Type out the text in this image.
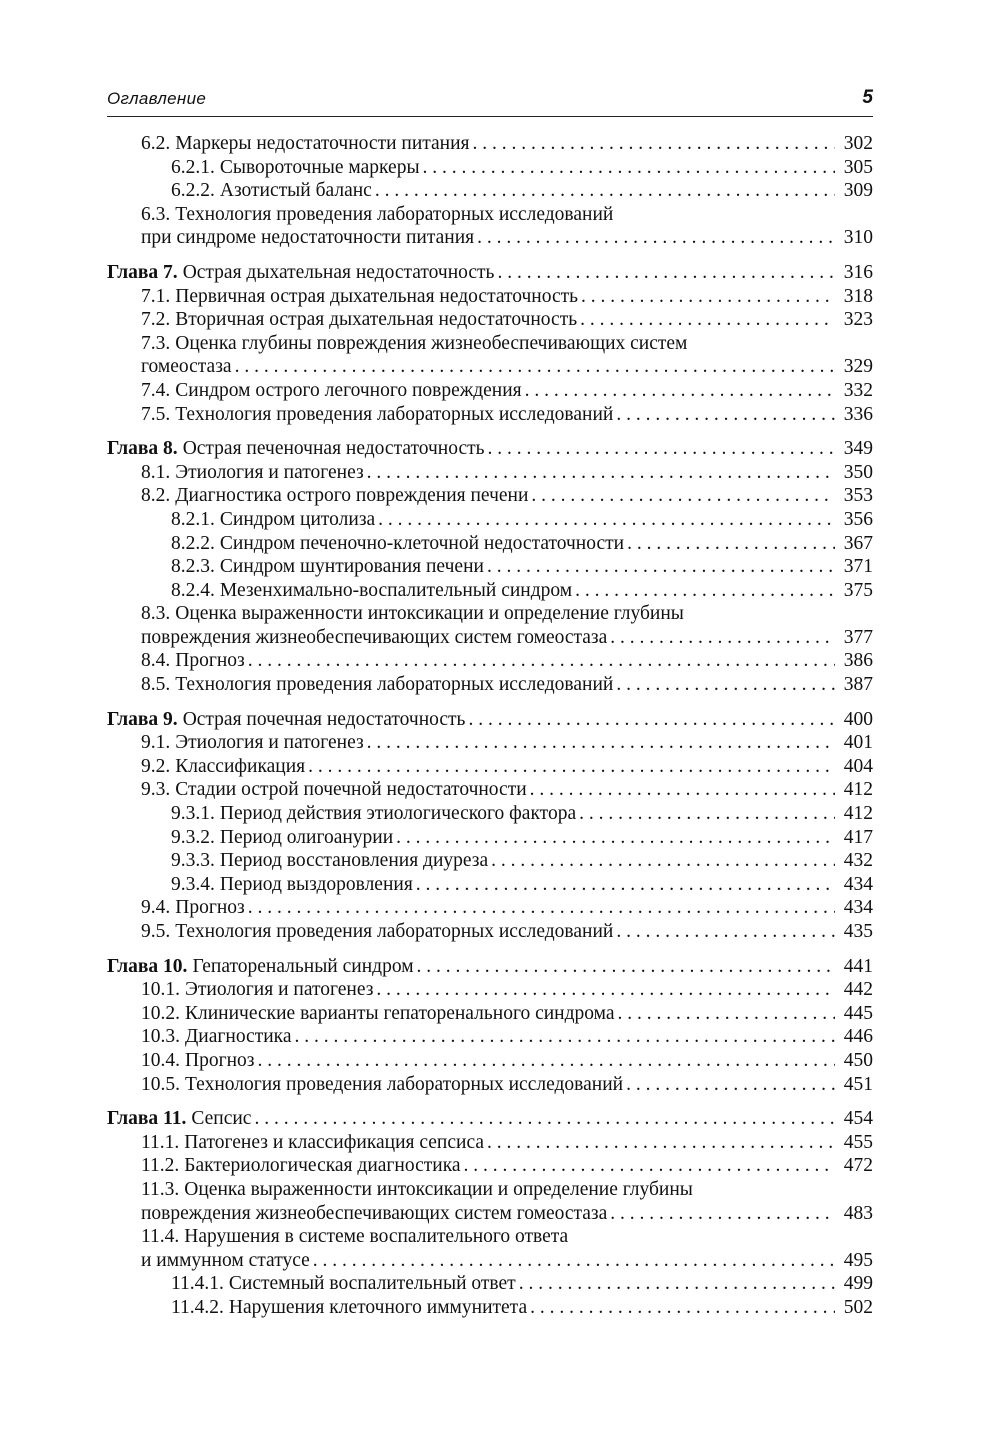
Оглавление	5
6.2. Маркеры недостаточности питания . . .	302
6.2.1. Сывороточные маркеры . . .	305
6.2.2. Азотистый баланс . . .	309
6.3. Технология проведения лабораторных исследований
при синдроме недостаточности питания . . .	310
Глава 7. Острая дыхательная недостаточность . . .	316
7.1. Первичная острая дыхательная недостаточность . . .	318
7.2. Вторичная острая дыхательная недостаточность . . .	323
7.3. Оценка глубины повреждения жизнеобеспечивающих систем
гомеостаза . . .	329
7.4. Синдром острого легочного повреждения . . .	332
7.5. Технология проведения лабораторных исследований . . .	336
Глава 8. Острая печеночная недостаточность . . .	349
8.1. Этиология и патогенез . . .	350
8.2. Диагностика острого повреждения печени . . .	353
8.2.1. Синдром цитолиза . . .	356
8.2.2. Синдром печеночно-клеточной недостаточности . . .	367
8.2.3. Синдром шунтирования печени . . .	371
8.2.4. Мезенхимально-воспалительный синдром . . .	375
8.3. Оценка выраженности интоксикации и определение глубины
повреждения жизнеобеспечивающих систем гомеостаза . . .	377
8.4. Прогноз . . .	386
8.5. Технология проведения лабораторных исследований . . .	387
Глава 9. Острая почечная недостаточность . . .	400
9.1. Этиология и патогенез . . .	401
9.2. Классификация . . .	404
9.3. Стадии острой почечной недостаточности . . .	412
9.3.1. Период действия этиологического фактора . . .	412
9.3.2. Период олигоанурии . . .	417
9.3.3. Период восстановления диуреза . . .	432
9.3.4. Период выздоровления . . .	434
9.4. Прогноз . . .	434
9.5. Технология проведения лабораторных исследований . . .	435
Глава 10. Гепаторенальный синдром . . .	441
10.1. Этиология и патогенез . . .	442
10.2. Клинические варианты гепаторенального синдрома . . .	445
10.3. Диагностика . . .	446
10.4. Прогноз . . .	450
10.5. Технология проведения лабораторных исследований . . .	451
Глава 11. Сепсис . . .	454
11.1. Патогенез и классификация сепсиса . . .	455
11.2. Бактериологическая диагностика . . .	472
11.3. Оценка выраженности интоксикации и определение глубины
повреждения жизнеобеспечивающих систем гомеостаза . . .	483
11.4. Нарушения в системе воспалительного ответа
и иммунном статусе . . .	495
11.4.1. Системный воспалительный ответ . . .	499
11.4.2. Нарушения клеточного иммунитета . . .	502
